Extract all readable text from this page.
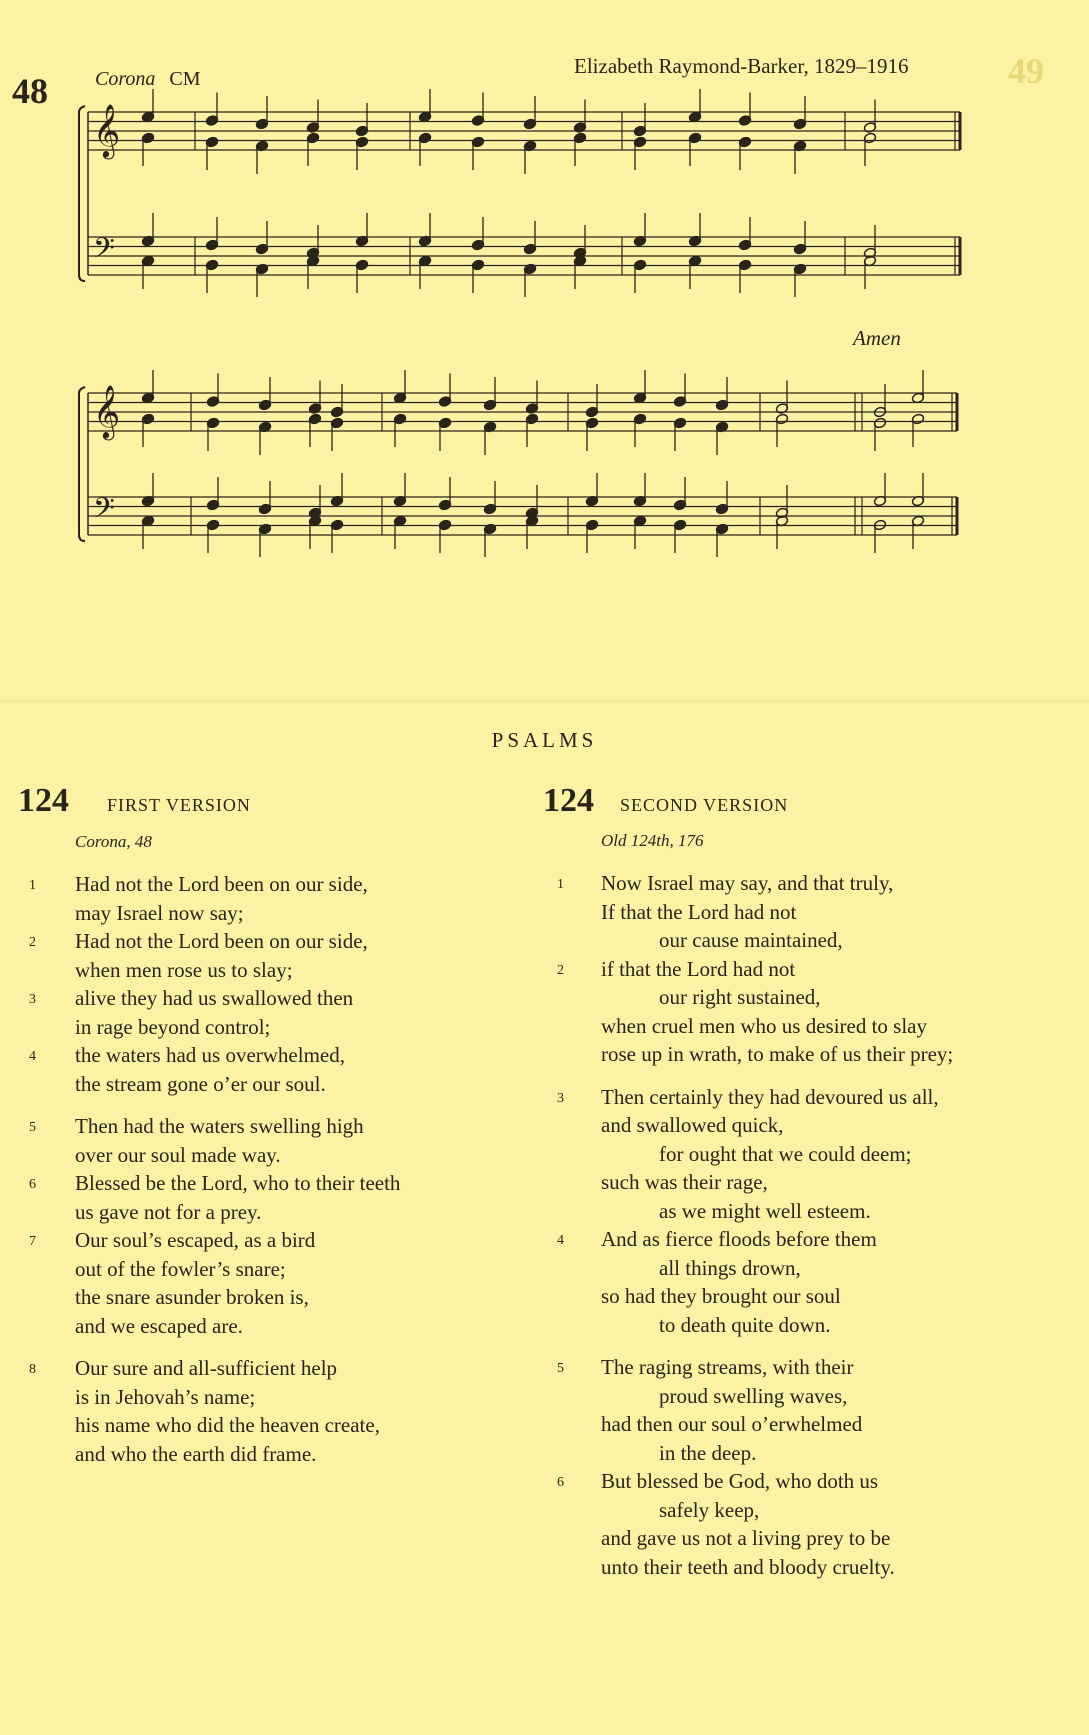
48 Corona CM
Elizabeth Raymond-Barker, 1829–1916	49
Amen
𝄞
𝄢
𝄞
𝄢
PSALMS
124 FIRST VERSION
Corona, 48
1 Had not the Lord been on our side,
may Israel now say;
2 Had not the Lord been on our side,
when men rose us to slay;
3 alive they had us swallowed then
in rage beyond control;
4 the waters had us overwhelmed,
the stream gone o’er our soul.
5 Then had the waters swelling high
over our soul made way.
6 Blessed be the Lord, who to their teeth
us gave not for a prey.
7 Our soul’s escaped, as a bird
out of the fowler’s snare;
the snare asunder broken is,
and we escaped are.
8 Our sure and all-sufficient help
is in Jehovah’s name;
his name who did the heaven create,
and who the earth did frame.
124 SECOND VERSION
Old 124th, 176
1 Now Israel may say, and that truly,
If that the Lord had not
our cause maintained,
2 if that the Lord had not
our right sustained,
when cruel men who us desired to slay
rose up in wrath, to make of us their prey;
3 Then certainly they had devoured us all,
and swallowed quick,
for ought that we could deem;
such was their rage,
as we might well esteem.
4 And as fierce floods before them
all things drown,
so had they brought our soul
to death quite down.
5 The raging streams, with their
proud swelling waves,
had then our soul o’erwhelmed
in the deep.
6 But blessed be God, who doth us
safely keep,
and gave us not a living prey to be
unto their teeth and bloody cruelty.
